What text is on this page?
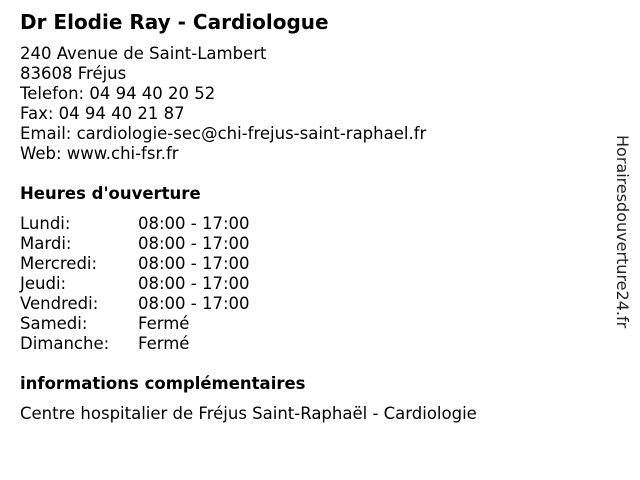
Dr Elodie Ray - Cardiologue
240 Avenue de Saint-Lambert
83608 Fréjus
Telefon: 04 94 40 20 52
Fax: 04 94 40 21 87
Email: cardiologie-sec@chi-frejus-saint-raphael.fr
Web: www.chi-fsr.fr
Heures d'ouverture
Lundi:	08:00 - 17:00
Mardi:	08:00 - 17:00
Mercredi: 08:00 - 17:00
Jeudi:	08:00 - 17:00
Vendredi: 08:00 - 17:00
Samedi:	Fermé
Dimanche: Fermé
informations complémentaires
Centre hospitalier de Fréjus Saint-Raphaël - Cardiologie
Horairesdouverture24.fr
